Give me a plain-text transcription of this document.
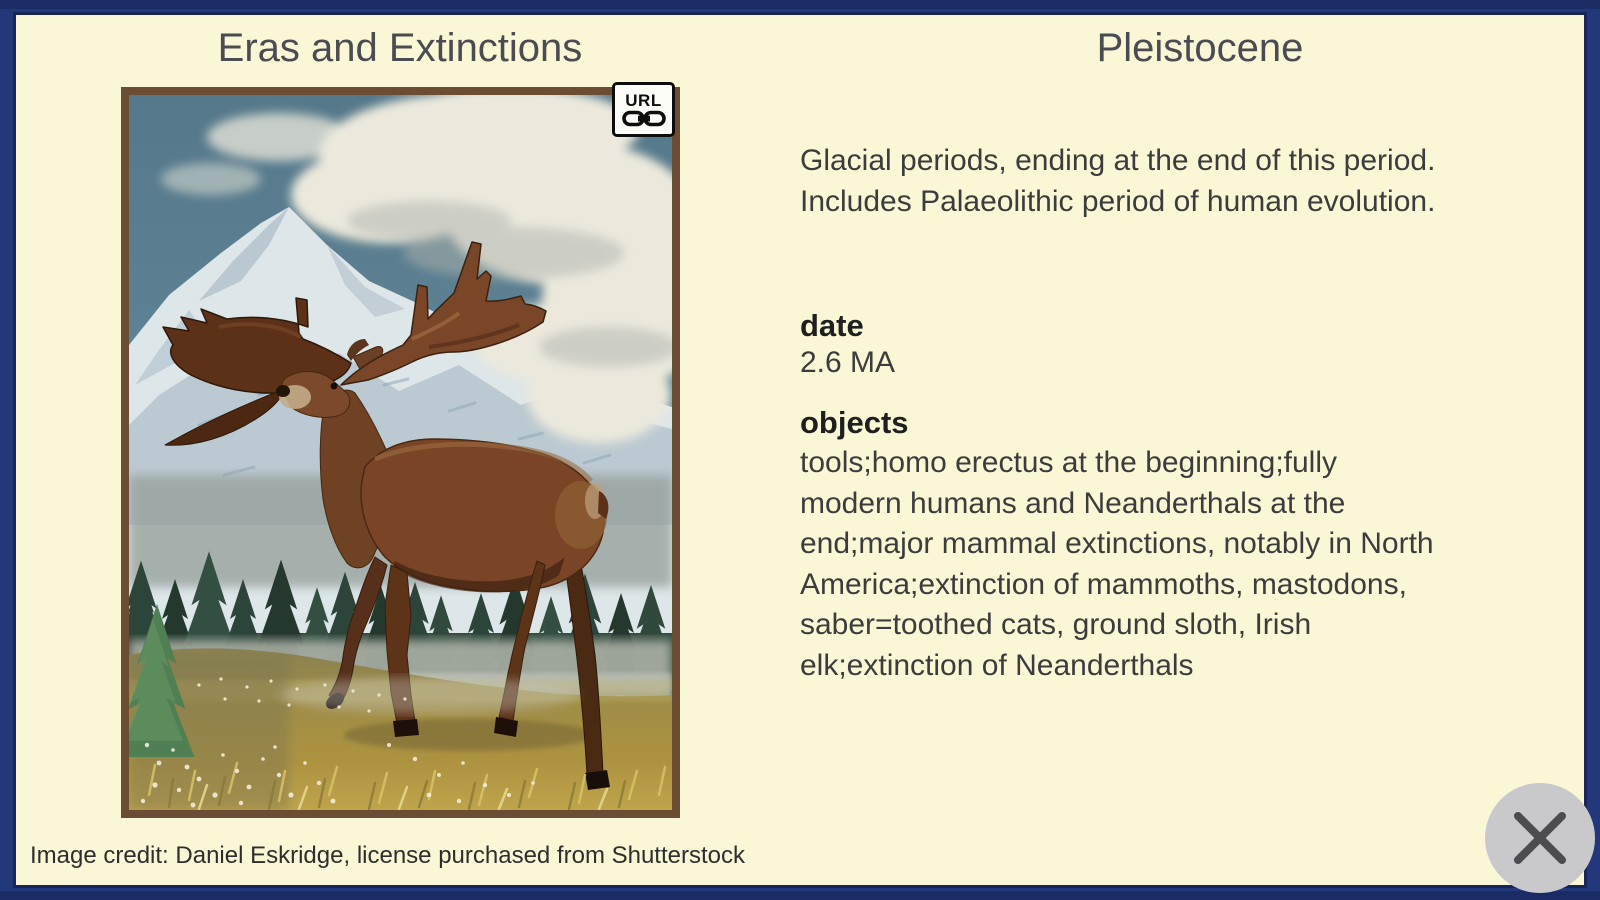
Eras and Extinctions	Pleistocene
URL
Glacial periods, ending at the end of this period.
Includes Palaeolithic period of human evolution.
date
2.6 MA
objects
tools;homo erectus at the beginning;fully
modern humans and Neanderthals at the
end;major mammal extinctions, notably in North
America;extinction of mammoths, mastodons,
saber=toothed cats, ground sloth, Irish
elk;extinction of Neanderthals
Image credit: Daniel Eskridge, license purchased from Shutterstock
